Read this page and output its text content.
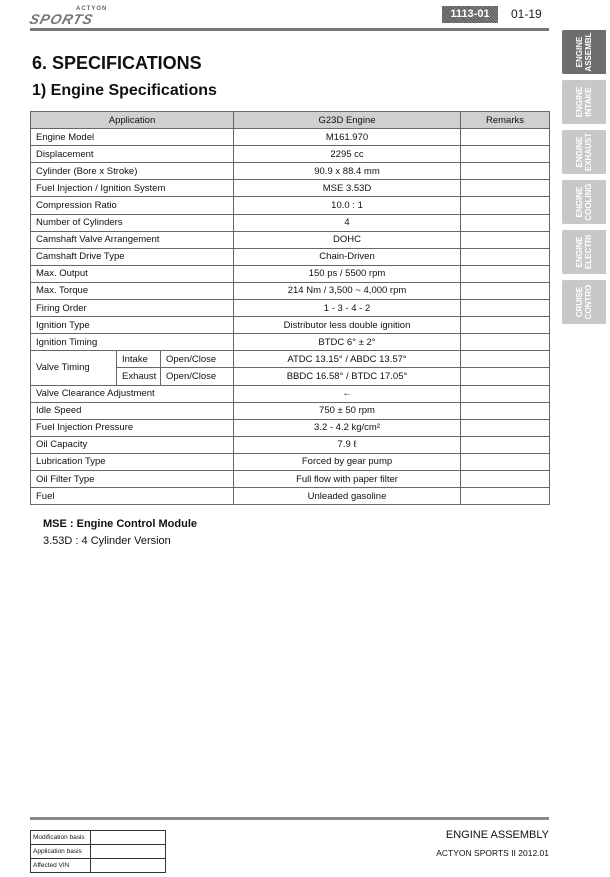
ACTYON
SPORTS	1113-01	01-19
ENGINE
ASSEMBL
ENGINE
INTAKE
ENGINE
EXHAUST
ENGINE
COOLING
ENGINE
ELECTRI
CRUISE
CONTRO
6. SPECIFICATIONS
1) Engine Specifications
Application			G23D Engine	Remarks
Engine Model			M161.970	
Displacement			2295 cc	
Cylinder (Bore x Stroke)			90.9 x 88.4 mm	
Fuel Injection / Ignition System			MSE 3.53D	
Compression Ratio			10.0 : 1	
Number of Cylinders			4	
Camshaft Valve Arrangement			DOHC	
Camshaft Drive Type			Chain-Driven	
Max. Output			150 ps / 5500 rpm	
Max. Torque			214 Nm / 3,500 ~ 4,000 rpm	
Firing Order			1 - 3 - 4 - 2	
Ignition Type			Distributor less double ignition	
Ignition Timing			BTDC 6° ± 2°	
Valve Timing	Intake	Open/Close	ATDC 13.15° / ABDC 13.57°	
	Exhaust	Open/Close	BBDC 16.58° / BTDC 17.05°	
Valve Clearance Adjustment			←	
Idle Speed			750 ± 50 rpm	
Fuel Injection Pressure			3.2 - 4.2 kg/cm²	
Oil Capacity			7.9 ℓ	
Lubrication Type			Forced by gear pump	
Oil Filter Type			Full flow with paper filter	
Fuel			Unleaded gasoline	
MSE : Engine Control Module
3.53D : 4 Cylinder Version
Modification basis	
Application basis	
Affected VIN	
ENGINE ASSEMBLY
ACTYON SPORTS II 2012.01
